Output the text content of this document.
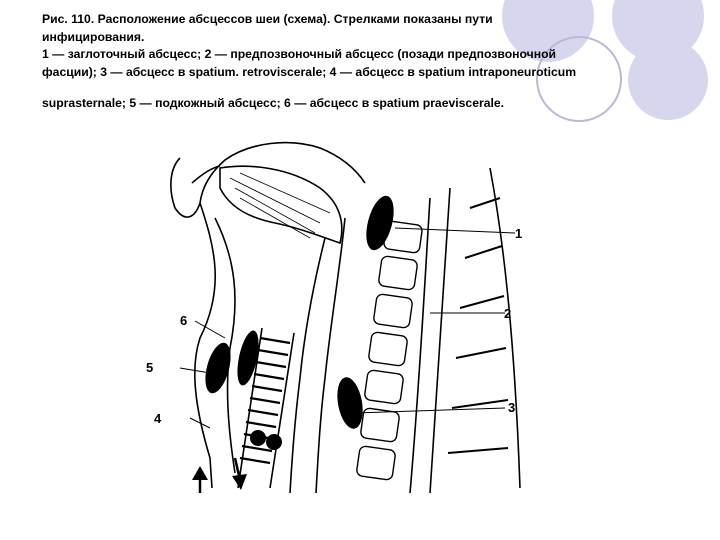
Рис. 110. Расположение абсцессов шеи (схема). Стрелками показаны пути
инфицирования.
1 — заглоточный абсцесс; 2 — предпозвоночный абсцесс (позади предпозвоночной
фасции); 3 — абсцесс в spatium. retroviscerale; 4 — абсцесс в spatium intraponeuroticum
suprasternale; 5 — подкожный абсцесс; 6 — абсцесс в spatium praeviscerale.
1
2
3
4
5
6
